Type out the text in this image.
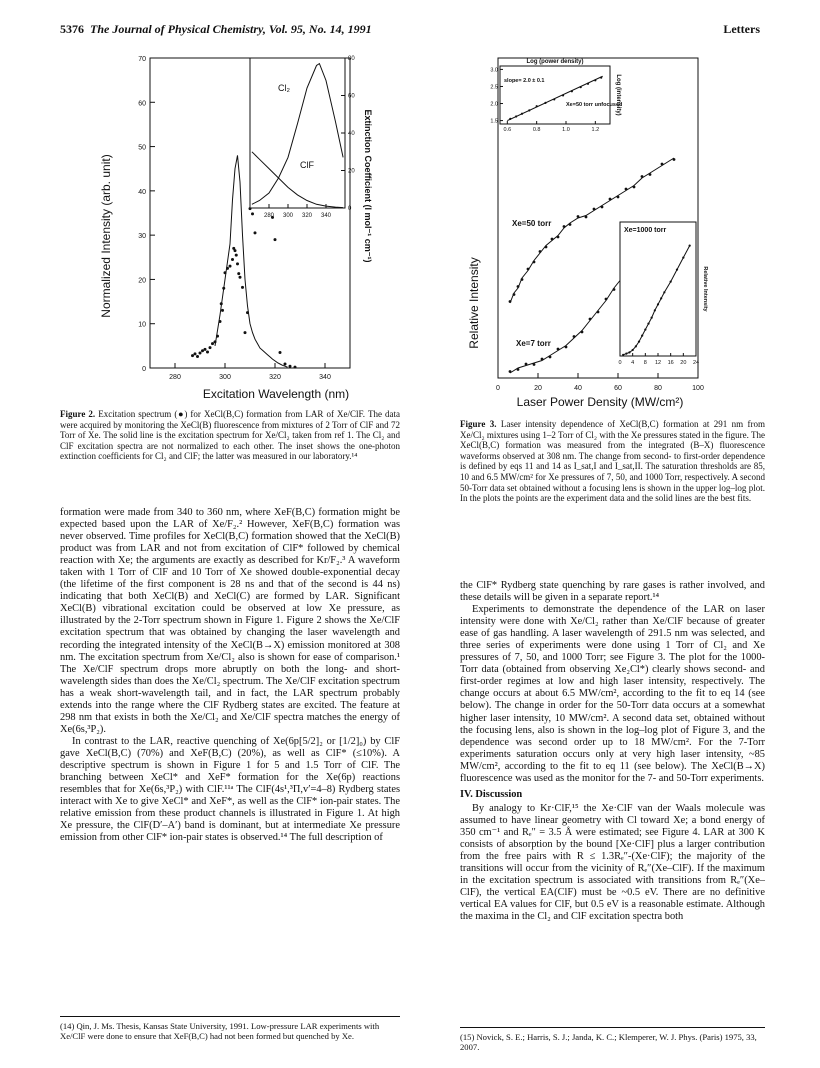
5376 The Journal of Physical Chemistry, Vol. 95, No. 14, 1991	Letters
Normalized Intensity (arb. unit)
Excitation Wavelength (nm)
0
10
20
30
40
50
60
70
280	300	320	340
280 300 320 340
0
20
40
60
80
Cl₂
ClF	Extinction Coefficient (l mol⁻¹ cm⁻¹)
Figure 2. Excitation spectrum (●) for XeCl(B,C) formation from LAR of Xe/ClF. The data were acquired by monitoring the XeCl(B) fluorescence from mixtures of 2 Torr of ClF and 72 Torr of Xe. The solid line is the excitation spectrum for Xe/Cl₂ taken from ref 1. The Cl₂ and ClF excitation spectra are not normalized to each other. The inset shows the one-photon extinction coefficients for Cl₂ and ClF; the latter was measured in our laboratory.¹⁴
Relative Intensity
Laser Power Density (MW/cm²)
0	20	40	60	80	100
Xe=50 torr
Xe=7 torr
Log (power density)
Log (intensity)
0.6	0.8	1.0	1.2
1.5
2.0
2.5
3.0
slope= 2.0 ± 0.1
Xe=50 torr unfocused
Xe=1000 torr
Relative Intensity
0 4 8 12 16 20 24
Figure 3. Laser intensity dependence of XeCl(B,C) formation at 291 nm from Xe/Cl₂ mixtures using 1–2 Torr of Cl₂ with the Xe pressures stated in the figure. The XeCl(B,C) formation was measured from the integrated (B–X) fluorescence waveforms observed at 308 nm. The change from second- to first-order dependence is defined by eqs 11 and 14 as I_sat,I and I_sat,II. The saturation thresholds are 85, 10 and 6.5 MW/cm² for Xe pressures of 7, 50, and 1000 Torr, respectively. A second 50-Torr data set obtained without a focusing lens is shown in the upper log–log plot. In the plots the points are the experiment data and the solid lines are the best fits.

formation were made from 340 to 360 nm, where XeF(B,C) formation might be expected based upon the LAR of Xe/F₂.² However, XeF(B,C) formation was never observed. Time profiles for XeCl(B,C) formation showed that the XeCl(B) product was from LAR and not from excitation of ClF* followed by chemical reaction with Xe; the arguments are exactly as described for Kr/F₂.³ A waveform taken with 1 Torr of ClF and 10 Torr of Xe showed double-exponential decay (the lifetime of the first component is 28 ns and that of the second is 44 ns) indicating that both XeCl(B) and XeCl(C) are formed by LAR. Significant XeCl(B) vibrational excitation could be observed at low Xe pressure, as illustrated by the 2-Torr spectrum shown in Figure 1. Figure 2 shows the Xe/ClF excitation spectrum that was obtained by changing the laser wavelength and recording the integrated intensity of the XeCl(B→X) emission monitored at 308 nm. The excitation spectrum from Xe/Cl₂ also is shown for ease of comparison.¹ The Xe/ClF spectrum drops more abruptly on both the long- and short-wavelength sides than does the Xe/Cl₂ spectrum. The Xe/ClF excitation spectrum has a weak short-wavelength tail, and in fact, the LAR spectrum probably extends into the range where the ClF Rydberg states are excited. The feature at 298 nm that exists in both the Xe/Cl₂ and Xe/ClF spectra matches the energy of Xe(6s,³P₂).

In contrast to the LAR, reactive quenching of Xe(6p[5/2]₂ or [1/2]₀) by ClF gave XeCl(B,C) (70%) and XeF(B,C) (20%), as well as ClF* (≤10%). A descriptive spectrum is shown in Figure 1 for 5 and 1.5 Torr of ClF. The branching between XeCl* and XeF* formation for the Xe(6p) reactions resembles that for Xe(6s,³P₂) with ClF.¹¹ᵃ The ClF(4s¹,³Π,v′=4–8) Rydberg states interact with Xe to give XeCl* and XeF*, as well as the ClF* ion-pair states. The relative emission from these product channels is illustrated in Figure 1. At high Xe pressure, the ClF(D′–A′) band is dominant, but at intermediate Xe pressure emission from other ClF* ion-pair states is observed.¹⁴ The full description of

(14) Qin, J. Ms. Thesis, Kansas State University, 1991. Low-pressure LAR experiments with Xe/ClF were done to ensure that XeF(B,C) had not been formed but quenched by Xe.

the ClF* Rydberg state quenching by rare gases is rather involved, and these details will be given in a separate report.¹⁴

Experiments to demonstrate the dependence of the LAR on laser intensity were done with Xe/Cl₂ rather than Xe/ClF because of greater ease of gas handling. A laser wavelength of 291.5 nm was selected, and three series of experiments were done using 1 Torr of Cl₂ and Xe pressures of 7, 50, and 1000 Torr; see Figure 3. The plot for the 1000-Torr data (obtained from observing Xe₂Cl*) clearly shows second- and first-order regimes at low and high laser intensity, respectively. The change occurs at about 6.5 MW/cm², according to the fit to eq 14 (see below). The change in order for the 50-Torr data occurs at a somewhat higher laser intensity, 10 MW/cm². A second data set, obtained without the focusing lens, also is shown in the log–log plot of Figure 3, and the dependence was second order up to 18 MW/cm². For the 7-Torr experiments saturation occurs only at very high laser intensity, ~85 MW/cm², according to the fit to eq 11 (see below). The XeCl(B→X) fluorescence was used as the monitor for the 7- and 50-Torr experiments.

IV. Discussion

By analogy to Kr·ClF,¹⁵ the Xe·ClF van der Waals molecule was assumed to have linear geometry with Cl toward Xe; a bond energy of 350 cm⁻¹ and Rₑ″ = 3.5 Å were estimated; see Figure 4. LAR at 300 K consists of absorption by the bound [Xe·ClF] plus a larger contribution from the free pairs with R ≤ 1.3Rₑ″-(Xe·ClF); the majority of the transitions will occur from the vicinity of Rₑ″(Xe–ClF). If the maximum in the excitation spectrum is associated with transitions from Rₑ″(Xe–ClF), the vertical EA(ClF) must be ~0.5 eV. There are no definitive vertical EA values for ClF, but 0.5 eV is a reasonable estimate. Although the maxima in the Cl₂ and ClF excitation spectra both

(15) Novick, S. E.; Harris, S. J.; Janda, K. C.; Klemperer, W. J. Phys. (Paris) 1975, 33, 2007.
